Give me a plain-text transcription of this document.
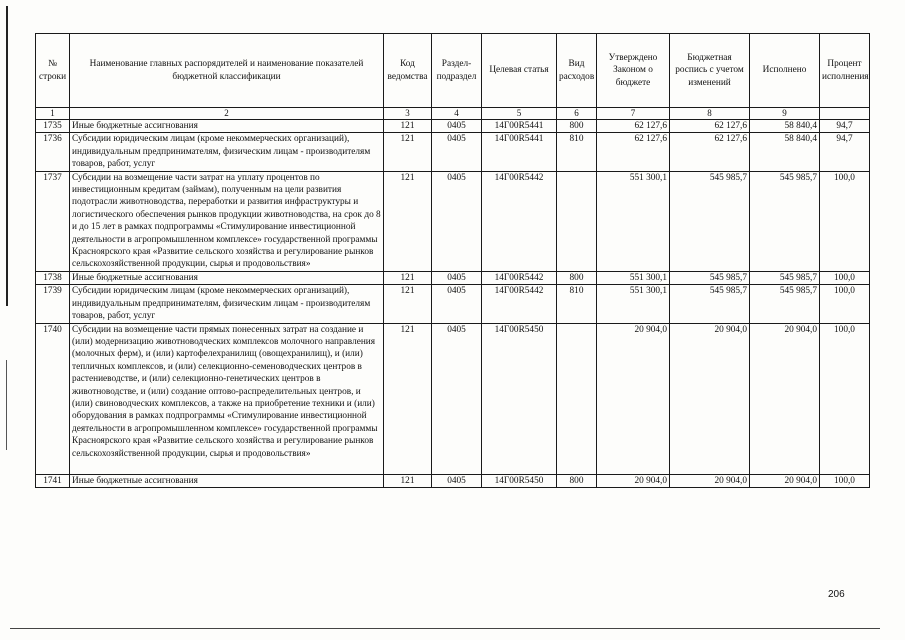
№ строки	Наименование главных распорядителей и наименование показателей бюджетной классификации	Код ведомства	Раздел-подраздел	Целевая статья	Вид расходов	Утверждено Законом о бюджете	Бюджетная роспись с учетом изменений	Исполнено	Процент исполнения
1	2	3	4	5	6	7	8	9	
1735	Иные бюджетные ассигнования	121	0405	14Г00R5441	800	62 127,6	62 127,6	58 840,4	94,7
1736	Субсидии юридическим лицам (кроме некоммерческих организаций), индивидуальным предпринимателям, физическим лицам - производителям товаров, работ, услуг	121	0405	14Г00R5441	810	62 127,6	62 127,6	58 840,4	94,7
1737	Субсидии на возмещение части затрат на уплату процентов по инвестиционным кредитам (займам), полученным на цели развития подотрасли животноводства, переработки и развития инфраструктуры и логистического обеспечения рынков продукции животноводства, на срок до 8 и до 15 лет в рамках подпрограммы «Стимулирование инвестиционной деятельности в агропромышленном комплексе» государственной программы Красноярского края «Развитие сельского хозяйства и регулирование рынков сельскохозяйственной продукции, сырья и продовольствия»	121	0405	14Г00R5442		551 300,1	545 985,7	545 985,7	100,0
1738	Иные бюджетные ассигнования	121	0405	14Г00R5442	800	551 300,1	545 985,7	545 985,7	100,0
1739	Субсидии юридическим лицам (кроме некоммерческих организаций), индивидуальным предпринимателям, физическим лицам - производителям товаров, работ, услуг	121	0405	14Г00R5442	810	551 300,1	545 985,7	545 985,7	100,0
1740	Субсидии на возмещение части прямых понесенных затрат на создание и (или) модернизацию животноводческих комплексов молочного направления (молочных ферм), и (или) картофелехранилищ (овощехранилищ), и (или) тепличных комплексов, и (или) селекционно-семеноводческих центров в растениеводстве, и (или) селекционно-генетических центров в животноводстве, и (или) создание оптово-распределительных центров, и (или) свиноводческих комплексов, а также на приобретение техники и (или) оборудования в рамках подпрограммы «Стимулирование инвестиционной деятельности в агропромышленном комплексе» государственной программы Красноярского края «Развитие сельского хозяйства и регулирование рынков сельскохозяйственной продукции, сырья и продовольствия»	121	0405	14Г00R5450		20 904,0	20 904,0	20 904,0	100,0
1741	Иные бюджетные ассигнования	121	0405	14Г00R5450	800	20 904,0	20 904,0	20 904,0	100,0
206
